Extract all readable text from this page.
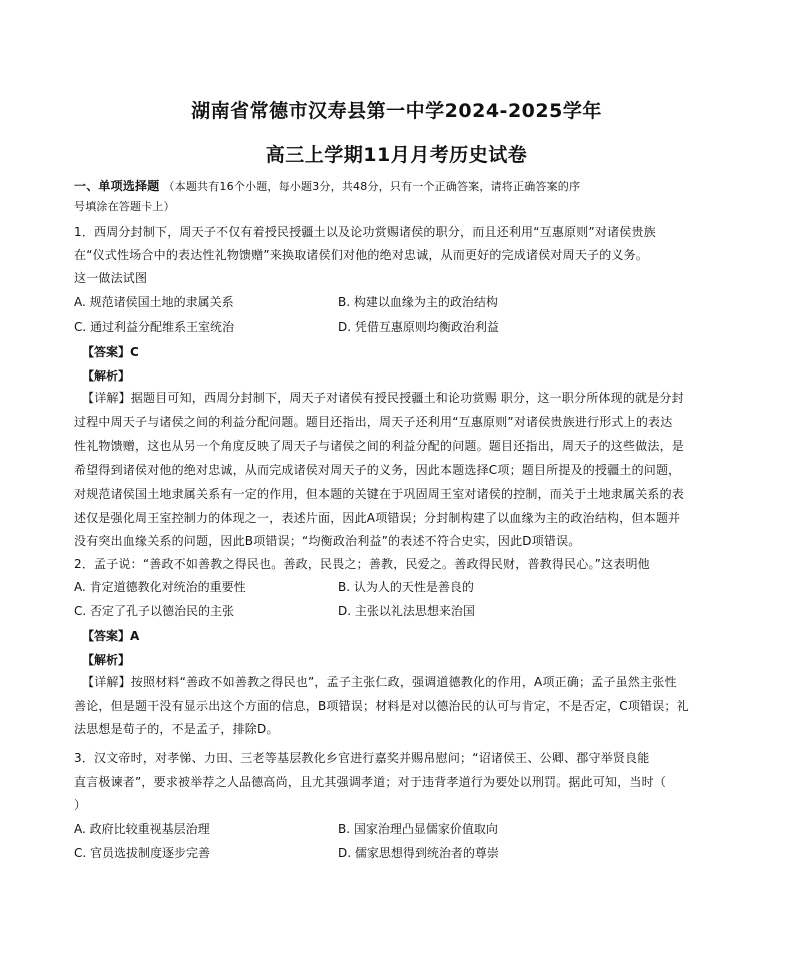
湖南省常德市汉寿县第一中学2024-2025学年
高三上学期11月月考历史试卷
一、单项选择题 （本题共有16个小题，每小题3分，共48分，只有一个正确答案，请将正确答案的序
号填涂在答题卡上）
1．西周分封制下，周天子不仅有着授民授疆土以及论功赏赐诸侯的职分，而且还利用“互惠原则”对诸侯贵族
在“仪式性场合中的表达性礼物馈赠”来换取诸侯们对他的绝对忠诚，从而更好的完成诸侯对周天子的义务。
这一做法试图
A. 规范诸侯国土地的隶属关系	B. 构建以血缘为主的政治结构
C. 通过利益分配维系王室统治	D. 凭借互惠原则均衡政治利益
【答案】C
【解析】
【详解】据题目可知，西周分封制下，周天子对诸侯有授民授疆土和论功赏赐 职分，这一职分所体现的就是分封
过程中周天子与诸侯之间的利益分配问题。题目还指出，周天子还利用“互惠原则”对诸侯贵族进行形式上的表达
性礼物馈赠，这也从另一个角度反映了周天子与诸侯之间的利益分配的问题。题目还指出，周天子的这些做法，是
希望得到诸侯对他的绝对忠诚，从而完成诸侯对周天子的义务，因此本题选择C项；题目所提及的授疆土的问题，
对规范诸侯国土地隶属关系有一定的作用，但本题的关键在于巩固周王室对诸侯的控制，而关于土地隶属关系的表
述仅是强化周王室控制力的体现之一，表述片面，因此A项错误；分封制构建了以血缘为主的政治结构，但本题并
没有突出血缘关系的问题，因此B项错误；“均衡政治利益”的表述不符合史实，因此D项错误。
2．孟子说：“善政不如善教之得民也。善政，民畏之；善教，民爱之。善政得民财，普教得民心。”这表明他
A. 肯定道德教化对统治的重要性	B. 认为人的天性是善良的
C. 否定了孔子以德治民的主张	D. 主张以礼法思想来治国
【答案】A
【解析】
【详解】按照材料“善政不如善教之得民也”，孟子主张仁政，强调道德教化的作用，A项正确；孟子虽然主张性
善论，但是题干没有显示出这个方面的信息，B项错误；材料是对以德治民的认可与肯定，不是否定，C项错误；礼
法思想是荀子的，不是孟子，排除D。
3．汉文帝时，对孝悌、力田、三老等基层教化乡官进行嘉奖并赐帛慰问；“诏诸侯王、公卿、郡守举贤良能
直言极谏者”，要求被举荐之人品德高尚，且尤其强调孝道；对于违背孝道行为要处以刑罚。据此可知，当时（
）
A. 政府比较重视基层治理	B. 国家治理凸显儒家价值取向
C. 官员选拔制度逐步完善	D. 儒家思想得到统治者的尊崇
